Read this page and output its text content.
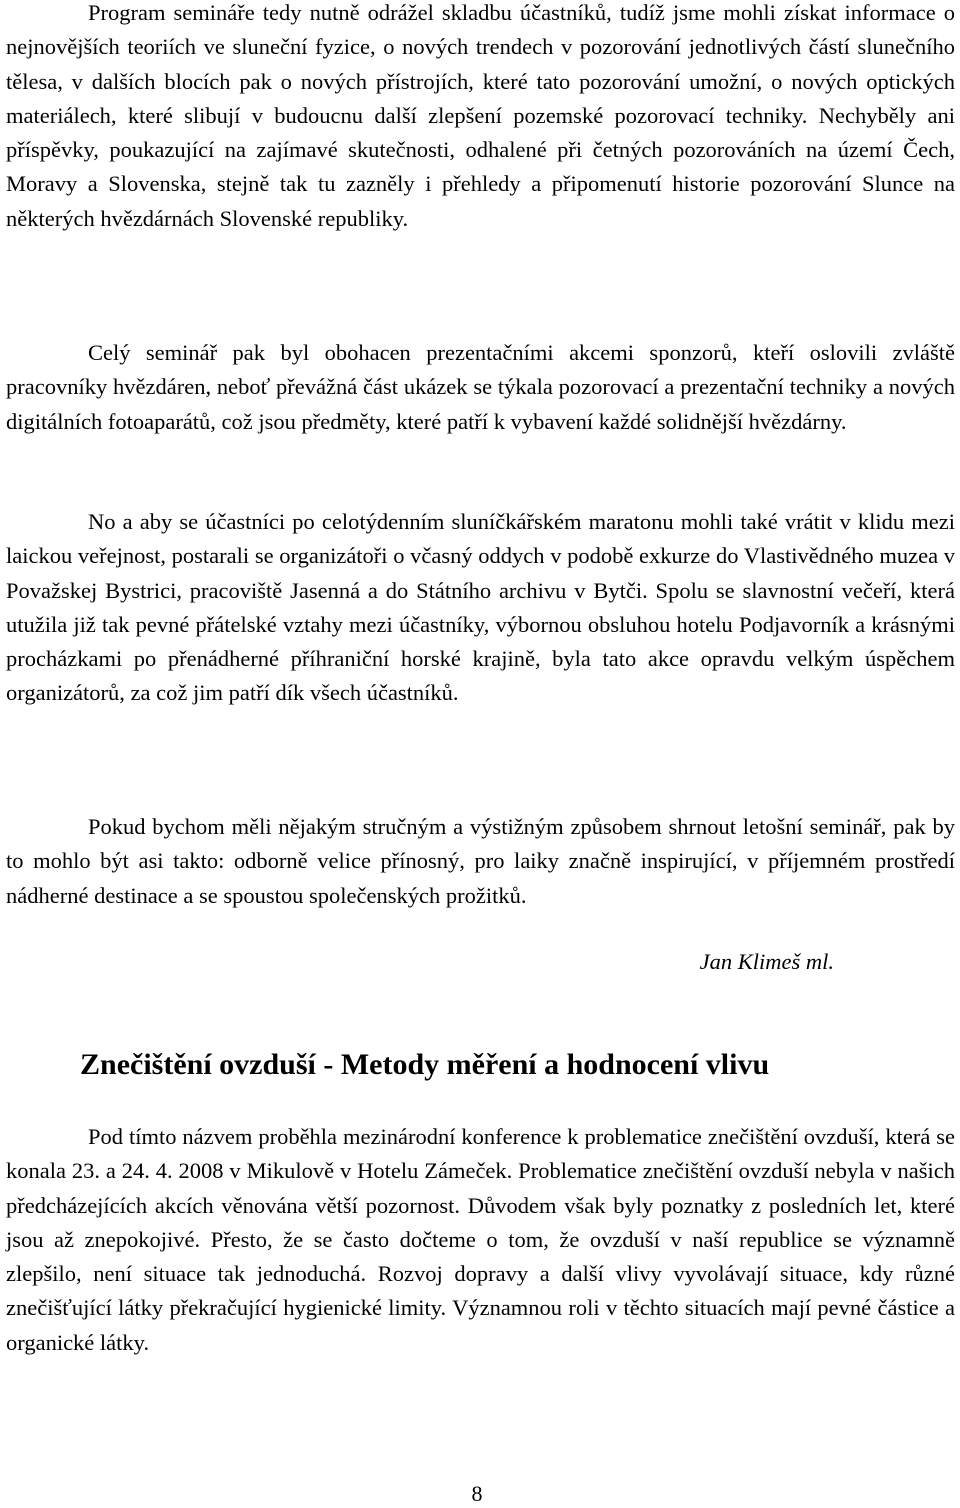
Program semináře tedy nutně odrážel skladbu účastníků, tudíž jsme mohli získat informace o nejnovějších teoriích ve sluneční fyzice, o nových trendech v pozorování jednotlivých částí slunečního tělesa, v dalších blocích pak o nových přístrojích, které tato pozorování umožní, o nových optických materiálech, které slibují v budoucnu další zlepšení pozemské pozorovací techniky. Nechyběly ani příspěvky, poukazující na zajímavé skutečnosti, odhalené při četných pozorováních na území Čech, Moravy a Slovenska, stejně tak tu zazněly i přehledy a připomenutí historie pozorování Slunce na některých hvězdárnách Slovenské republiky.

Celý seminář pak byl obohacen prezentačními akcemi sponzorů, kteří oslovili zvláště pracovníky hvězdáren, neboť převážná část ukázek se týkala pozorovací a prezentační techniky a nových digitálních fotoaparátů, což jsou předměty, které patří k vybavení každé solidnější hvězdárny.

No a aby se účastníci po celotýdenním sluníčkářském maratonu mohli také vrátit v klidu mezi laickou veřejnost, postarali se organizátoři o včasný oddych v podobě exkurze do Vlastivědného muzea v Považskej Bystrici, pracoviště Jasenná a do Státního archivu v Bytči. Spolu se slavnostní večeří, která utužila již tak pevné přátelské vztahy mezi účastníky, výbornou obsluhou hotelu Podjavorník a krásnými procházkami po přenádherné příhraniční horské krajině, byla tato akce opravdu velkým úspěchem organizátorů, za což jim patří dík všech účastníků.

Pokud bychom měli nějakým stručným a výstižným způsobem shrnout letošní seminář, pak by to mohlo být asi takto: odborně velice přínosný, pro laiky značně inspirující, v příjemném prostředí nádherné destinace a se spoustou společenských prožitků.

Jan Klimeš ml.
Znečištění ovzduší - Metody měření a hodnocení vlivu

Pod tímto názvem proběhla mezinárodní konference k problematice znečištění ovzduší, která se konala 23. a 24. 4. 2008 v Mikulově v Hotelu Zámeček. Problematice znečištění ovzduší nebyla v našich předcházejících akcích věnována větší pozornost. Důvodem však byly poznatky z posledních let, které jsou až znepokojivé. Přesto, že se často dočteme o tom, že ovzduší v naší republice se významně zlepšilo, není situace tak jednoduchá. Rozvoj dopravy a další vlivy vyvolávají situace, kdy různé znečišťující látky překračující hygienické limity. Významnou roli v těchto situacích mají pevné částice a organické látky.

8
